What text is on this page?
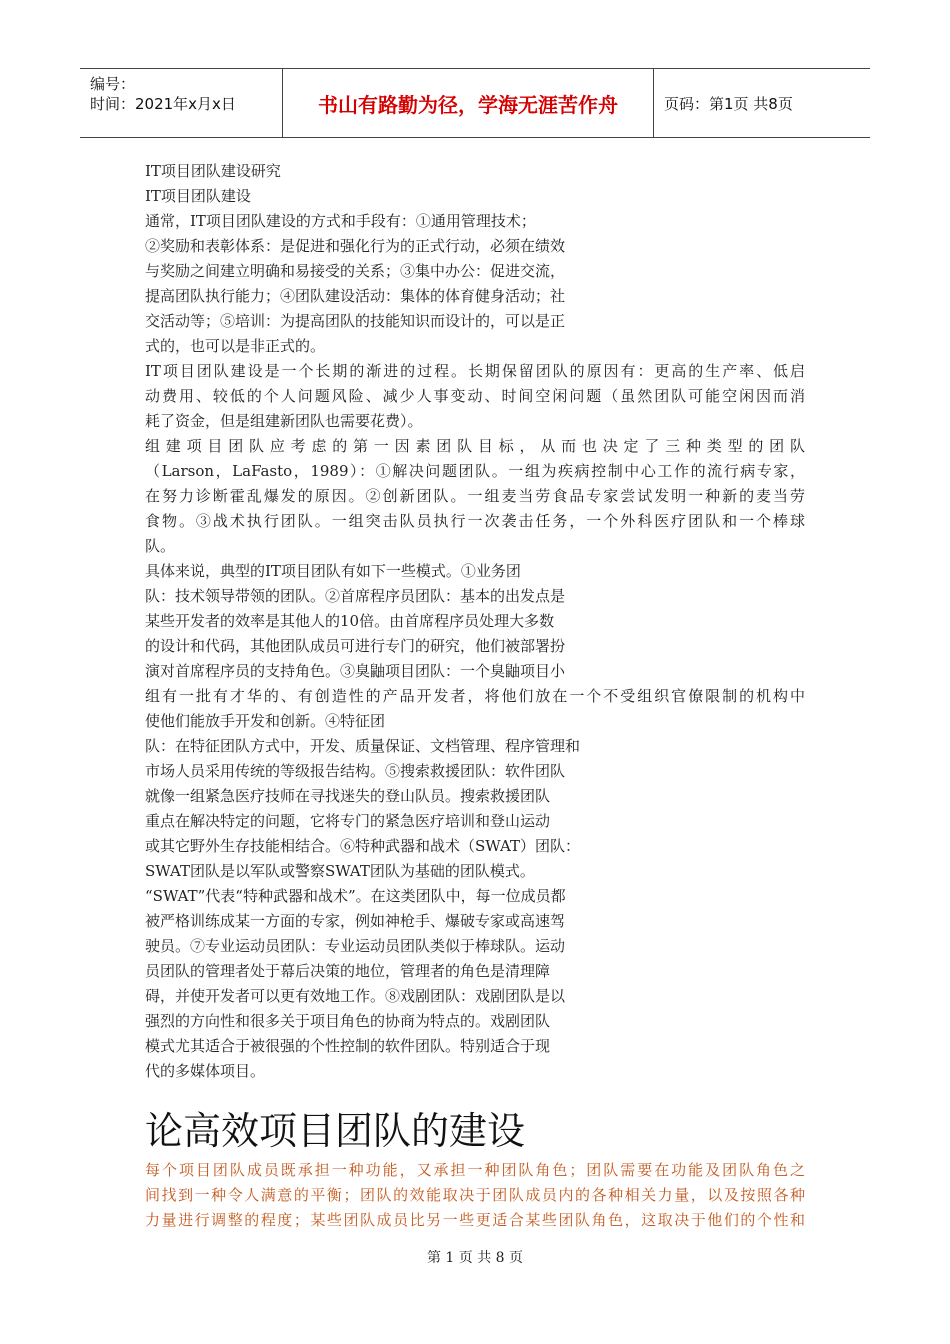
编号：
时间：2021年x月x日	书山有路勤为径，学海无涯苦作舟	页码：第1页 共8页
IT项目团队建设研究
IT项目团队建设
通常，IT项目团队建设的方式和手段有：①通用管理技术；
②奖励和表彰体系：是促进和强化行为的正式行动，必须在绩效
与奖励之间建立明确和易接受的关系；③集中办公：促进交流，
提高团队执行能力；④团队建设活动：集体的体育健身活动；社
交活动等；⑤培训：为提高团队的技能知识而设计的，可以是正
式的，也可以是非正式的。
IT项目团队建设是一个长期的渐进的过程。长期保留团队的原因有：更高的生产率、低启
动费用、较低的个人问题风险、减少人事变动、时间空闲问题（虽然团队可能空闲因而消
耗了资金，但是组建新团队也需要花费）。
组建项目团队应考虑的第一因素团队目标，从而也决定了三种类型的团队
（Larson，LaFasto，1989）：①解决问题团队。一组为疾病控制中心工作的流行病专家，
在努力诊断霍乱爆发的原因。②创新团队。一组麦当劳食品专家尝试发明一种新的麦当劳
食物。③战术执行团队。一组突击队员执行一次袭击任务，一个外科医疗团队和一个棒球
队。
具体来说，典型的IT项目团队有如下一些模式。①业务团
队：技术领导带领的团队。②首席程序员团队：基本的出发点是
某些开发者的效率是其他人的10倍。由首席程序员处理大多数
的设计和代码，其他团队成员可进行专门的研究，他们被部署扮
演对首席程序员的支持角色。③臭鼬项目团队：一个臭鼬项目小
组有一批有才华的、有创造性的产品开发者，将他们放在一个不受组织官僚限制的机构中
使他们能放手开发和创新。④特征团
队：在特征团队方式中，开发、质量保证、文档管理、程序管理和
市场人员采用传统的等级报告结构。⑤搜索救援团队：软件团队
就像一组紧急医疗技师在寻找迷失的登山队员。搜索救援团队
重点在解决特定的问题，它将专门的紧急医疗培训和登山运动
或其它野外生存技能相结合。⑥特种武器和战术（SWAT）团队：
SWAT团队是以军队或警察SWAT团队为基础的团队模式。
“SWAT”代表“特种武器和战术”。在这类团队中，每一位成员都
被严格训练成某一方面的专家，例如神枪手、爆破专家或高速驾
驶员。⑦专业运动员团队：专业运动员团队类似于棒球队。运动
员团队的管理者处于幕后决策的地位，管理者的角色是清理障
碍，并使开发者可以更有效地工作。⑧戏剧团队：戏剧团队是以
强烈的方向性和很多关于项目角色的协商为特点的。戏剧团队
模式尤其适合于被很强的个性控制的软件团队。特别适合于现
代的多媒体项目。
论高效项目团队的建设
每个项目团队成员既承担一种功能，又承担一种团队角色；团队需要在功能及团队角色之
间找到一种令人满意的平衡；团队的效能取决于团队成员内的各种相关力量，以及按照各种
力量进行调整的程度；某些团队成员比另一些更适合某些团队角色，这取决于他们的个性和
第 1 页 共 8 页
